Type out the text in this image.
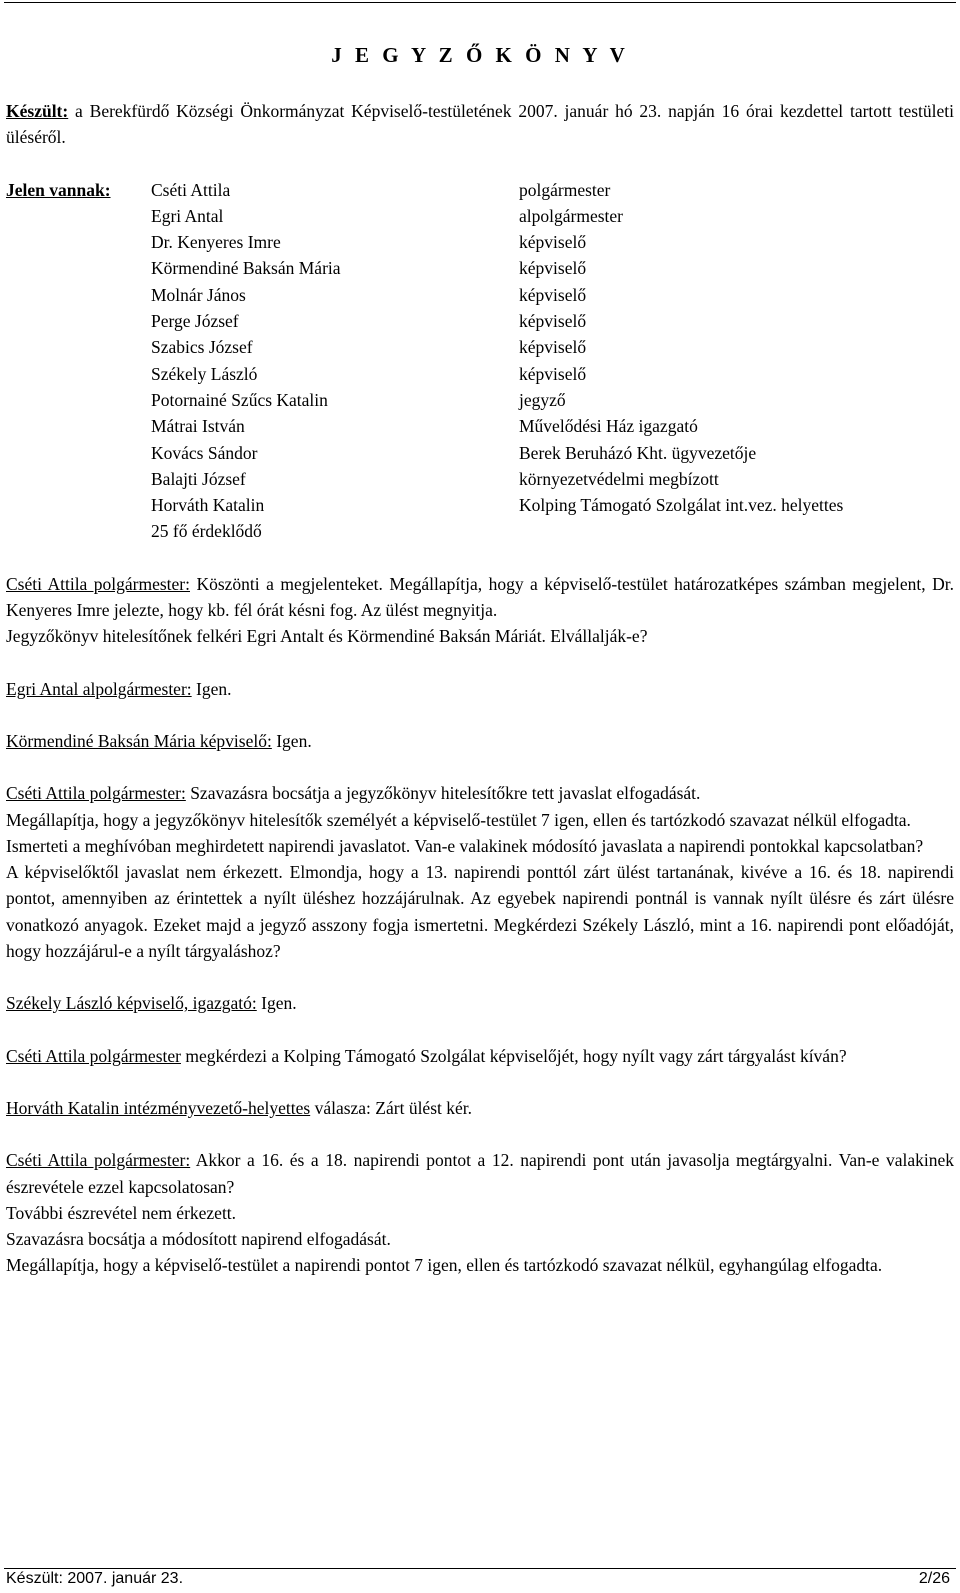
J E G Y Z Ő K Ö N Y V

Készült: a Berekfürdő Községi Önkormányzat Képviselő-testületének 2007. január hó 23. napján 16 órai kezdettel tartott testületi üléséről.

Jelen vannak:	Cséti Attila	polgármester
Egri Antal	alpolgármester
Dr. Kenyeres Imre	képviselő
Körmendiné Baksán Mária	képviselő
Molnár János	képviselő
Perge József	képviselő
Szabics József	képviselő
Székely László	képviselő
Potornainé Szűcs Katalin	jegyző
Mátrai István	Művelődési Ház igazgató
Kovács Sándor	Berek Beruházó Kht. ügyvezetője
Balajti József	környezetvédelmi megbízott
Horváth Katalin	Kolping Támogató Szolgálat int.vez. helyettes
25 fő érdeklődő

Cséti Attila polgármester: Köszönti a megjelenteket. Megállapítja, hogy a képviselő-testület határozatképes számban megjelent, Dr. Kenyeres Imre jelezte, hogy kb. fél órát késni fog. Az ülést megnyitja.

Jegyzőkönyv hitelesítőnek felkéri Egri Antalt és Körmendiné Baksán Máriát. Elvállalják-e?

Egri Antal alpolgármester: Igen.

Körmendiné Baksán Mária képviselő: Igen.

Cséti Attila polgármester: Szavazásra bocsátja a jegyzőkönyv hitelesítőkre tett javaslat elfogadását.

Megállapítja, hogy a jegyzőkönyv hitelesítők személyét a képviselő-testület 7 igen, ellen és tartózkodó szavazat nélkül elfogadta.

Ismerteti a meghívóban meghirdetett napirendi javaslatot. Van-e valakinek módosító javaslata a napirendi pontokkal kapcsolatban?

A képviselőktől javaslat nem érkezett. Elmondja, hogy a 13. napirendi ponttól zárt ülést tartanának, kivéve a 16. és 18. napirendi pontot, amennyiben az érintettek a nyílt üléshez hozzájárulnak. Az egyebek napirendi pontnál is vannak nyílt ülésre és zárt ülésre vonatkozó anyagok. Ezeket majd a jegyző asszony fogja ismertetni. Megkérdezi Székely László, mint a 16. napirendi pont előadóját, hogy hozzájárul-e a nyílt tárgyaláshoz?

Székely László képviselő, igazgató: Igen.

Cséti Attila polgármester megkérdezi a Kolping Támogató Szolgálat képviselőjét, hogy nyílt vagy zárt tárgyalást kíván?

Horváth Katalin intézményvezető-helyettes válasza: Zárt ülést kér.

Cséti Attila polgármester: Akkor a 16. és a 18. napirendi pontot a 12. napirendi pont után javasolja megtárgyalni. Van-e valakinek észrevétele ezzel kapcsolatosan?

További észrevétel nem érkezett.

Szavazásra bocsátja a módosított napirend elfogadását.

Megállapítja, hogy a képviselő-testület a napirendi pontot 7 igen, ellen és tartózkodó szavazat nélkül, egyhangúlag elfogadta.

Készült: 2007. január 23.	2/26
